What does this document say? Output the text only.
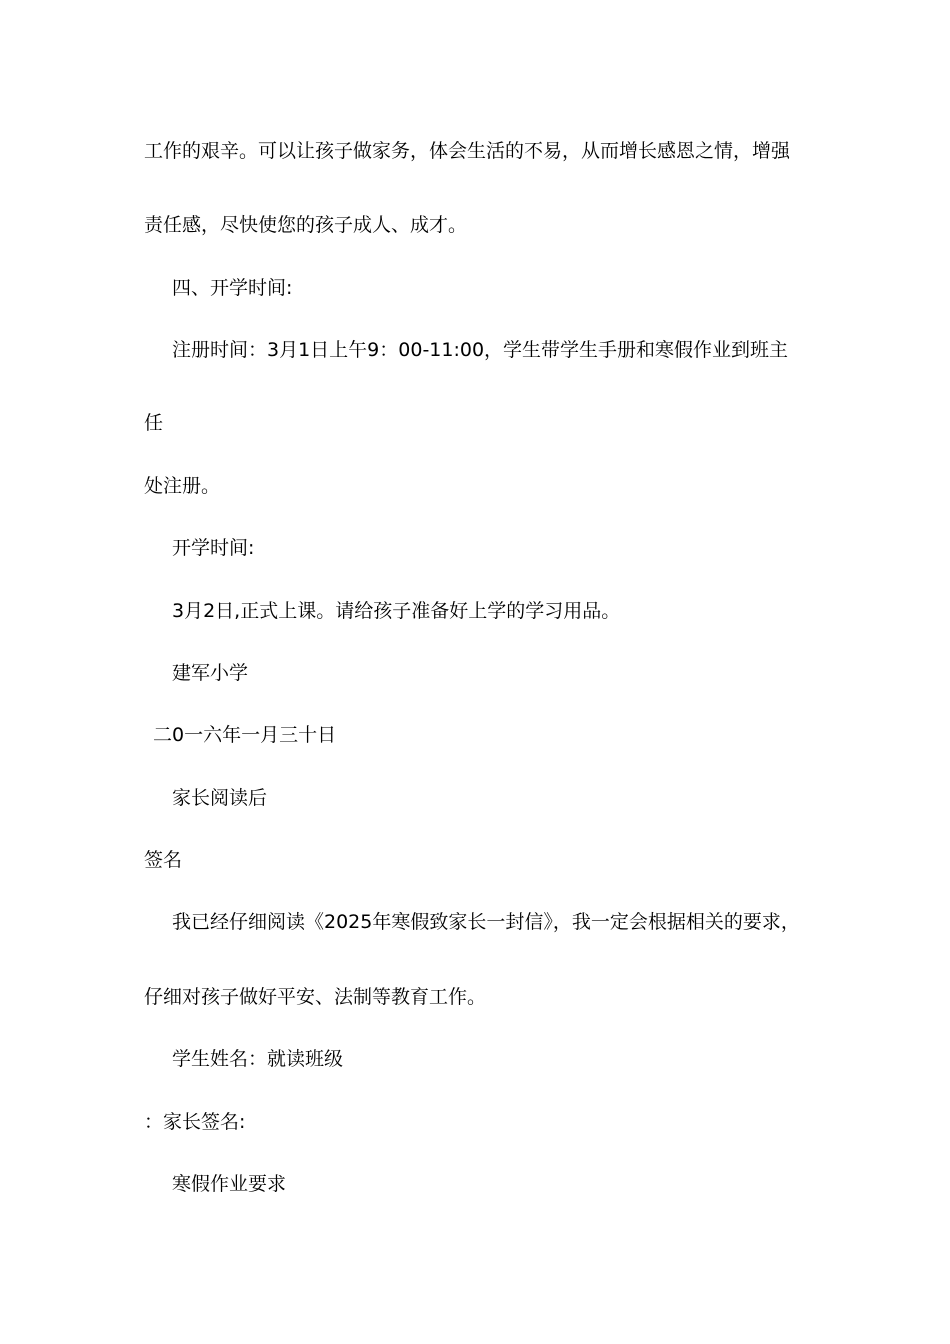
工作的艰辛。可以让孩子做家务，体会生活的不易，从而增长感恩之情，增强
责任感，尽快使您的孩子成人、成才。
四、开学时间:
注册时间：3月1日上午9：00-11:00，学生带学生手册和寒假作业到班主
任
处注册。
开学时间:
3月2日,正式上课。请给孩子准备好上学的学习用品。
建军小学
二0一六年一月三十日
家长阅读后
签名
我已经仔细阅读《2025年寒假致家长一封信》，我一定会根据相关的要求，
仔细对孩子做好平安、法制等教育工作。
学生姓名：就读班级
：家长签名:
寒假作业要求
